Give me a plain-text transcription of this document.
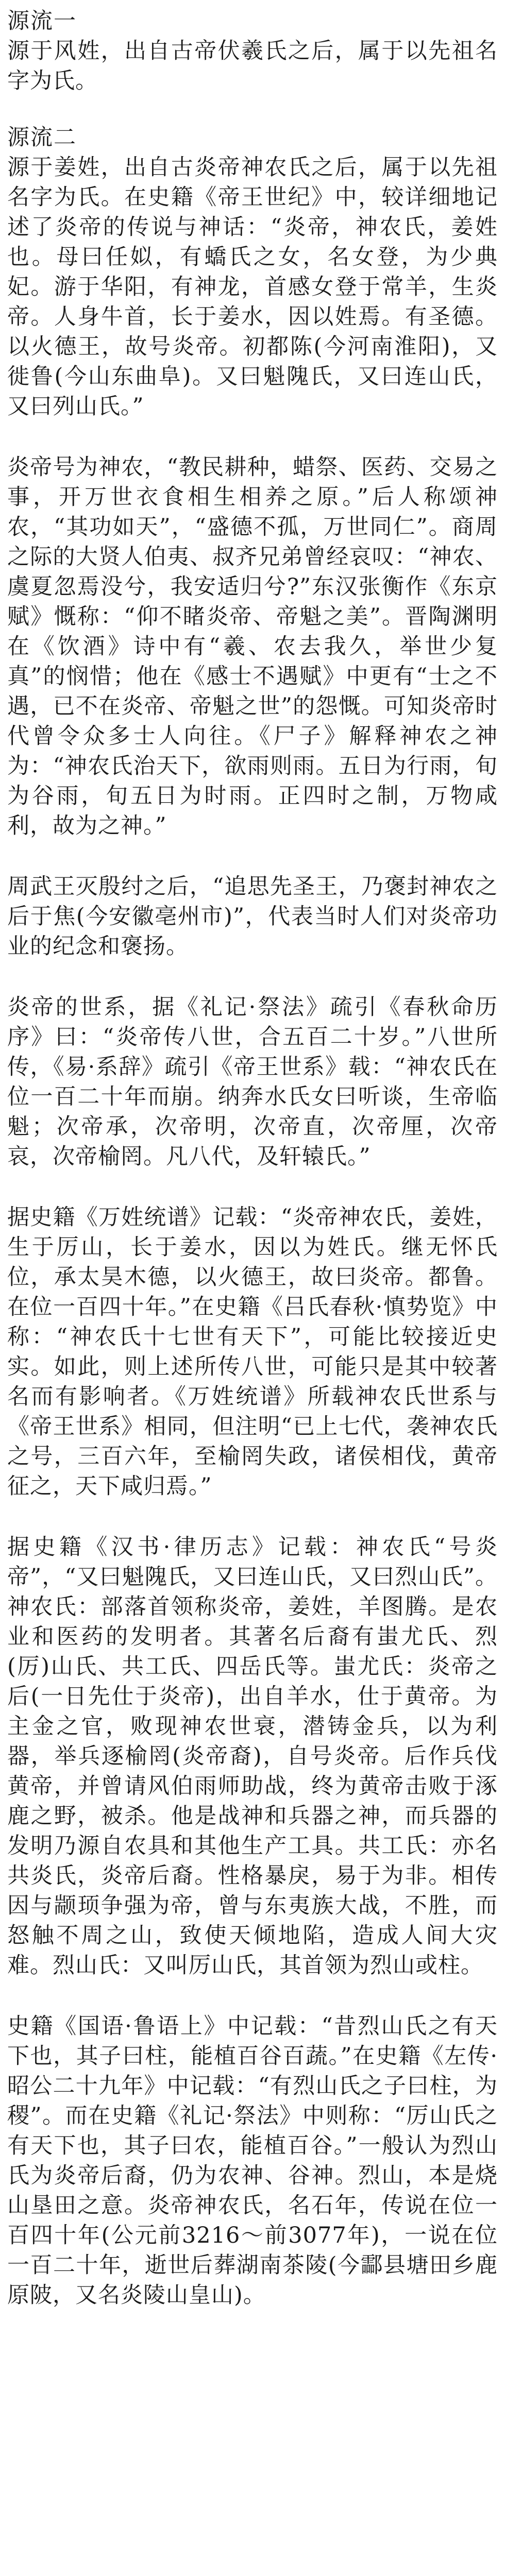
源流一

源于风姓，出自古帝伏羲氏之后，属于以先祖名字为氏。

源流二

源于姜姓，出自古炎帝神农氏之后，属于以先祖名字为氏。在史籍《帝王世纪》中，较详细地记述了炎帝的传说与神话：“炎帝，神农氏，姜姓也。母曰任姒，有蟜氏之女，名女登，为少典妃。游于华阳，有神龙，首感女登于常羊，生炎帝。人身牛首，长于姜水，因以姓焉。有圣德。以火德王，故号炎帝。初都陈(今河南淮阳)，又徙鲁(今山东曲阜)。又曰魁隗氏，又曰连山氏，又曰列山氏。”

炎帝号为神农，“教民耕种，蜡祭、医药、交易之事，开万世衣食相生相养之原。”后人称颂神农，“其功如天”，“盛德不孤，万世同仁”。商周之际的大贤人伯夷、叔齐兄弟曾经哀叹：“神农、虞夏忽焉没兮，我安适归兮?”东汉张衡作《东京赋》慨称：“仰不睹炎帝、帝魁之美”。晋陶渊明在《饮酒》诗中有“羲、农去我久，举世少复真”的悯惜；他在《感士不遇赋》中更有“士之不遇，已不在炎帝、帝魁之世”的怨慨。可知炎帝时代曾令众多士人向往。《尸子》解释神农之神为：“神农氏治天下，欲雨则雨。五日为行雨，旬为谷雨，旬五日为时雨。正四时之制，万物咸利，故为之神。”

周武王灭殷纣之后，“追思先圣王，乃褒封神农之后于焦(今安徽亳州市)”，代表当时人们对炎帝功业的纪念和褒扬。

炎帝的世系，据《礼记·祭法》疏引《春秋命历序》曰：“炎帝传八世，合五百二十岁。”八世所传，《易·系辞》疏引《帝王世系》载：“神农氏在位一百二十年而崩。纳奔水氏女曰听谈，生帝临魁；次帝承，次帝明，次帝直，次帝厘，次帝哀，次帝榆罔。凡八代，及轩辕氏。”

据史籍《万姓统谱》记载：“炎帝神农氏，姜姓，生于厉山，长于姜水，因以为姓氏。继无怀氏位，承太昊木德，以火德王，故曰炎帝。都鲁。在位一百四十年。”在史籍《吕氏春秋·慎势览》中称：“神农氏十七世有天下”，可能比较接近史实。如此，则上述所传八世，可能只是其中较著名而有影响者。《万姓统谱》所载神农氏世系与《帝王世系》相同，但注明“已上七代，袭神农氏之号，三百六年，至榆罔失政，诸侯相伐，黄帝征之，天下咸归焉。”

据史籍《汉书·律历志》记载：神农氏“号炎帝”，“又曰魁隗氏，又曰连山氏，又曰烈山氏”。神农氏：部落首领称炎帝，姜姓，羊图腾。是农业和医药的发明者。其著名后裔有蚩尤氏、烈(厉)山氏、共工氏、四岳氏等。蚩尤氏：炎帝之后(一日先仕于炎帝)，出自羊水，仕于黄帝。为主金之官，败现神农世衰，潜铸金兵，以为利器，举兵逐榆罔(炎帝裔)，自号炎帝。后作兵伐黄帝，并曾请风伯雨师助战，终为黄帝击败于涿鹿之野，被杀。他是战神和兵器之神，而兵器的发明乃源自农具和其他生产工具。共工氏：亦名共炎氏，炎帝后裔。性格暴戾，易于为非。相传因与颛顼争强为帝，曾与东夷族大战，不胜，而怒触不周之山，致使天倾地陷，造成人间大灾难。烈山氏：又叫厉山氏，其首领为烈山或柱。

史籍《国语·鲁语上》中记载：“昔烈山氏之有天下也，其子曰柱，能植百谷百蔬。”在史籍《左传·昭公二十九年》中记载：“有烈山氏之子曰柱，为稷”。而在史籍《礼记·祭法》中则称：“厉山氏之有天下也，其子曰农，能植百谷。”一般认为烈山氏为炎帝后裔，仍为农神、谷神。烈山，本是烧山垦田之意。炎帝神农氏，名石年，传说在位一百四十年(公元前3216～前3077年)，一说在位一百二十年，逝世后葬湖南茶陵(今酃县塘田乡鹿原陂，又名炎陵山皇山)。
